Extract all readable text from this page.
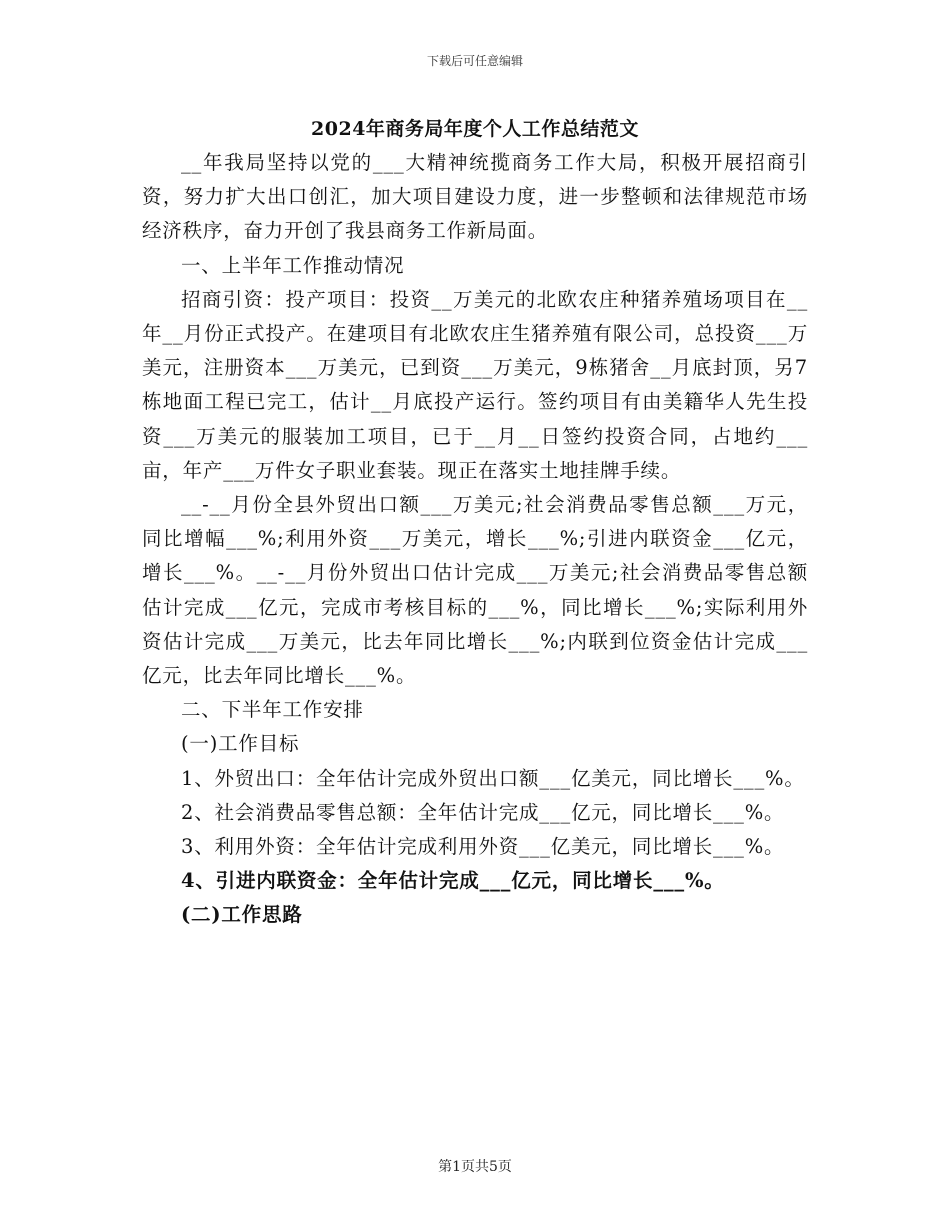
下载后可任意编辑

2024年商务局年度个人工作总结范文

__年我局坚持以党的___大精神统揽商务工作大局，积极开展招商引资，努力扩大出口创汇，加大项目建设力度，进一步整顿和法律规范市场经济秩序，奋力开创了我县商务工作新局面。

一、上半年工作推动情况

招商引资：投产项目：投资__万美元的北欧农庄种猪养殖场项目在__年__月份正式投产。在建项目有北欧农庄生猪养殖有限公司，总投资___万美元，注册资本___万美元，已到资___万美元，9栋猪舍__月底封顶，另7栋地面工程已完工，估计__月底投产运行。签约项目有由美籍华人先生投资___万美元的服装加工项目，已于__月__日签约投资合同，占地约___亩，年产___万件女子职业套装。现正在落实土地挂牌手续。

__-__月份全县外贸出口额___万美元;社会消费品零售总额___万元，同比增幅___%;利用外资___万美元，增长___%;引进内联资金___亿元，增长___%。__-__月份外贸出口估计完成___万美元;社会消费品零售总额估计完成___亿元，完成市考核目标的___%，同比增长___%;实际利用外资估计完成___万美元，比去年同比增长___%;内联到位资金估计完成___亿元，比去年同比增长___%。

二、下半年工作安排

(一)工作目标

1、外贸出口：全年估计完成外贸出口额___亿美元，同比增长___%。

2、社会消费品零售总额：全年估计完成___亿元，同比增长___%。

3、利用外资：全年估计完成利用外资___亿美元，同比增长___%。

4、引进内联资金：全年估计完成___亿元，同比增长___%。

(二)工作思路

第1页共5页
